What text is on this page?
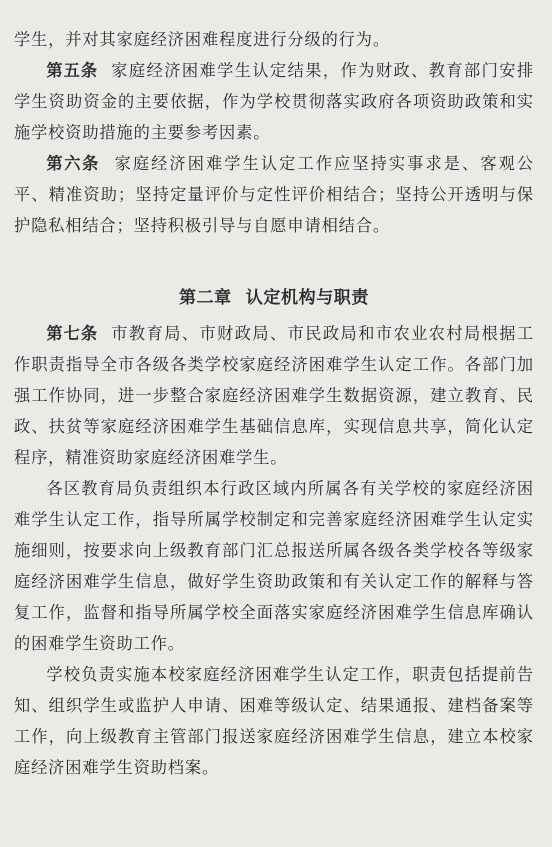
学生，并对其家庭经济困难程度进行分级的行为。

第五条 家庭经济困难学生认定结果，作为财政、教育部门安排学生资助资金的主要依据，作为学校贯彻落实政府各项资助政策和实施学校资助措施的主要参考因素。

第六条 家庭经济困难学生认定工作应坚持实事求是、客观公平、精准资助；坚持定量评价与定性评价相结合；坚持公开透明与保护隐私相结合；坚持积极引导与自愿申请相结合。

第二章 认定机构与职责

第七条 市教育局、市财政局、市民政局和市农业农村局根据工作职责指导全市各级各类学校家庭经济困难学生认定工作。各部门加强工作协同，进一步整合家庭经济困难学生数据资源，建立教育、民政、扶贫等家庭经济困难学生基础信息库，实现信息共享，简化认定程序，精准资助家庭经济困难学生。

各区教育局负责组织本行政区域内所属各有关学校的家庭经济困难学生认定工作，指导所属学校制定和完善家庭经济困难学生认定实施细则，按要求向上级教育部门汇总报送所属各级各类学校各等级家庭经济困难学生信息，做好学生资助政策和有关认定工作的解释与答复工作，监督和指导所属学校全面落实家庭经济困难学生信息库确认的困难学生资助工作。

学校负责实施本校家庭经济困难学生认定工作，职责包括提前告知、组织学生或监护人申请、困难等级认定、结果通报、建档备案等工作，向上级教育主管部门报送家庭经济困难学生信息，建立本校家庭经济困难学生资助档案。
